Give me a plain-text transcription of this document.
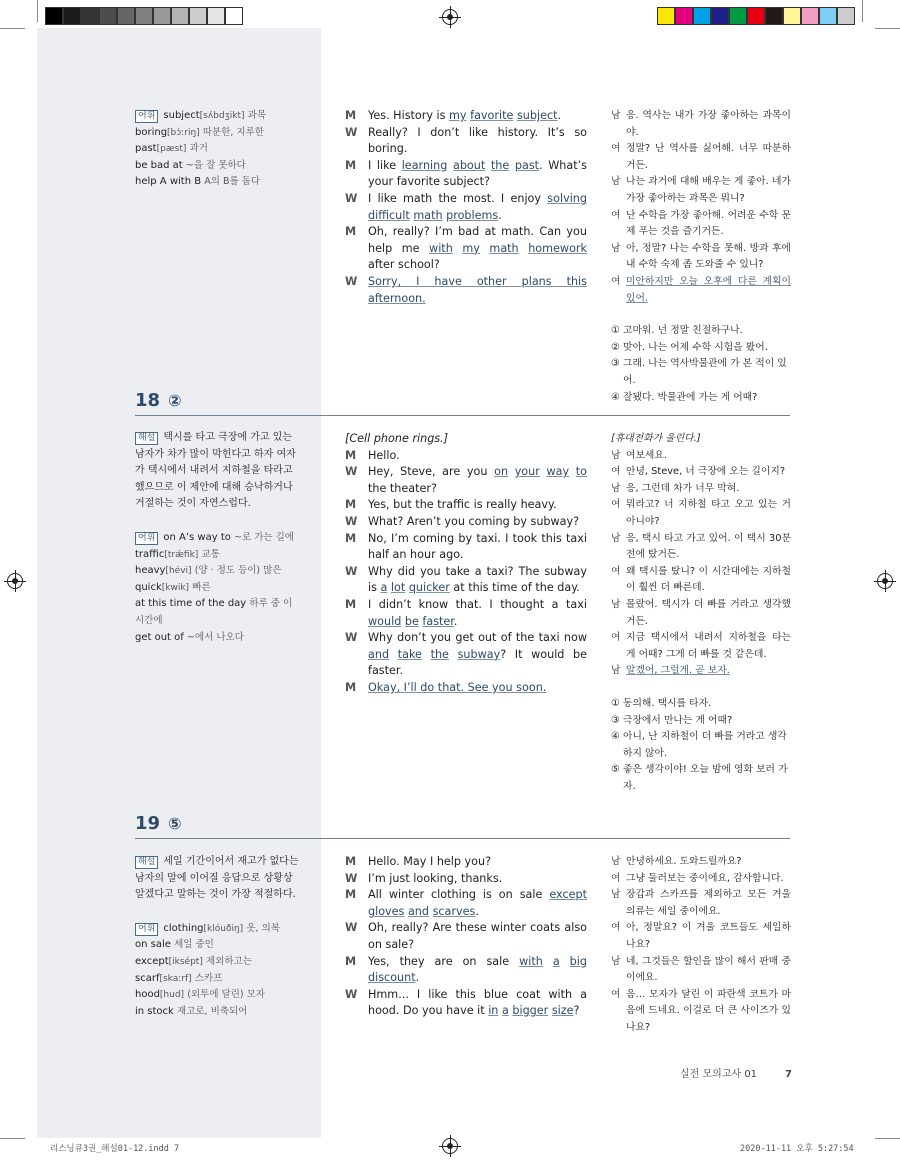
어휘 subject[sʌ́bdʒikt] 과목

boring[bɔ́ːriŋ] 따분한, 지루한

past[pæst] 과거

be bad at ~을 잘 못하다

help A with B A의 B를 돕다

M	Yes. History is my favorite subject.
W Really? I don’t like history. It’s so boring.
M	I like learning about the past. What’s your favorite subject?
W I like math the most. I enjoy solving difficult math problems.
M	Oh, really? I’m bad at math. Can you help me with my math homework after school?
W Sorry, I have other plans this afternoon.
남 응. 역사는 내가 가장 좋아하는 과목이야.
여 정말? 난 역사를 싫어해. 너무 따분하거든.
남 나는 과거에 대해 배우는 게 좋아. 네가 가장 좋아하는 과목은 뭐니?
여 난 수학을 가장 좋아해. 어려운 수학 문제 푸는 것을 즐기거든.
남 아, 정말? 나는 수학을 못해. 방과 후에 내 수학 숙제 좀 도와줄 수 있니?
여 미안하지만 오늘 오후에 다른 계획이 있어.
① 고마워. 넌 정말 친절하구나.
② 맞아. 나는 어제 수학 시험을 봤어.
③ 그래. 나는 역사박물관에 가 본 적이 있어.
④ 잘됐다. 박물관에 가는 게 어때?
18 ②

해설 택시를 타고 극장에 가고 있는 남자가 차가 많이 막힌다고 하자 여자가 택시에서 내려서 지하철을 타라고 했으므로 이 제안에 대해 승낙하거나 거절하는 것이 자연스럽다.

어휘 on A’s way to ~로 가는 길에

traffic[trǽfik] 교통

heavy[hévi] (양 · 정도 등이) 많은

quick[kwik] 빠른

at this time of the day 하루 중 이 시간에

get out of ~에서 나오다

[Cell phone rings.]
M	Hello.
W Hey, Steve, are you on your way to the theater?
M	Yes, but the traffic is really heavy.
W What? Aren’t you coming by subway?
M	No, I’m coming by taxi. I took this taxi half an hour ago.
W Why did you take a taxi? The subway is a lot quicker at this time of the day.
M	I didn’t know that. I thought a taxi would be faster.
W Why don’t you get out of the taxi now and take the subway? It would be faster.
M	Okay, I’ll do that. See you soon.
[휴대전화가 울린다.]
남 여보세요.
여 안녕, Steve, 너 극장에 오는 길이지?
남 응, 그런데 차가 너무 막혀.
여 뭐라고? 너 지하철 타고 오고 있는 거 아니야?
남 응, 택시 타고 가고 있어. 이 택시 30분전에 탔거든.
여 왜 택시를 탔니? 이 시간대에는 지하철이 훨씬 더 빠른데.
남 몰랐어. 택시가 더 빠를 거라고 생각했거든.
여 지금 택시에서 내려서 지하철을 타는 게 어때? 그게 더 빠를 것 같은데.
남 알겠어, 그럴게. 곧 보자.
① 동의해. 택시를 타자.
③ 극장에서 만나는 게 어때?
④ 아니, 난 지하철이 더 빠를 거라고 생각하지 않아.
⑤ 좋은 생각이야! 오늘 밤에 영화 보러 가자.
19 ⑤

해설 세일 기간이어서 재고가 없다는 남자의 말에 이어질 응답으로 상황상 알겠다고 말하는 것이 가장 적절하다.

어휘 clothing[klóuðiŋ] 옷, 의복

on sale 세일 중인

except[iksépt] 제외하고는

scarf[skaːrf] 스카프

hood[hud] (외투에 달린) 모자

in stock 재고로, 비축되어

M	Hello. May I help you?
W I’m just looking, thanks.
M	All winter clothing is on sale except gloves and scarves.
W Oh, really? Are these winter coats also on sale?
M	Yes, they are on sale with a big discount.
W Hmm... I like this blue coat with a hood. Do you have it in a bigger size?
남 안녕하세요. 도와드릴까요?
여 그냥 둘러보는 중이에요, 감사합니다.
남 장갑과 스카프를 제외하고 모든 겨울 의류는 세일 중이에요.
여 아, 정말요? 이 겨울 코트들도 세일하나요?
남 네, 그것들은 할인을 많이 해서 판매 중이에요.
여 음… 모자가 달린 이 파란색 코트가 마음에 드네요. 이걸로 더 큰 사이즈가 있나요?
실전 모의고사 01	7
리스닝큐3권_해설01-12.indd 7	2020-11-11 오후 5:27:54
